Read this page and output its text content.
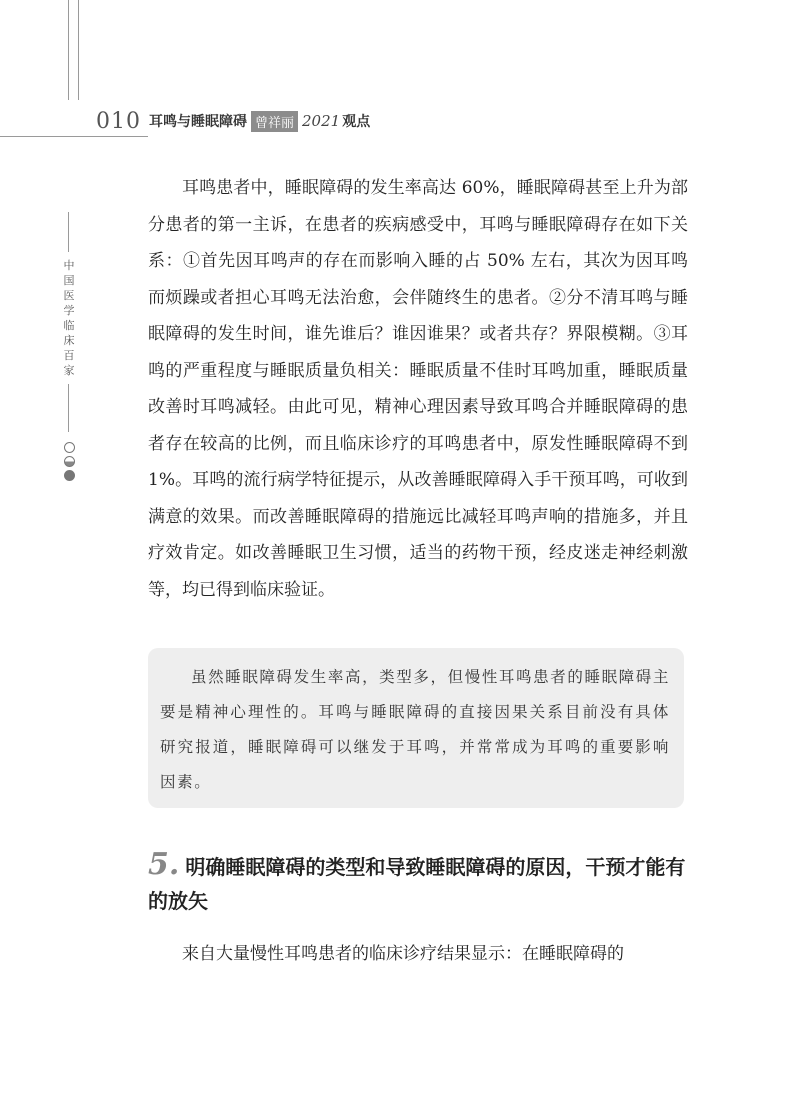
010 耳鸣与睡眠障碍 曾祥丽 2021 观点
中国医学临床百家

耳鸣患者中，睡眠障碍的发生率高达 60%，睡眠障碍甚至上升为部分患者的第一主诉，在患者的疾病感受中，耳鸣与睡眠障碍存在如下关系：①首先因耳鸣声的存在而影响入睡的占 50% 左右，其次为因耳鸣而烦躁或者担心耳鸣无法治愈，会伴随终生的患者。②分不清耳鸣与睡眠障碍的发生时间，谁先谁后？谁因谁果？或者共存？界限模糊。③耳鸣的严重程度与睡眠质量负相关：睡眠质量不佳时耳鸣加重，睡眠质量改善时耳鸣减轻。由此可见，精神心理因素导致耳鸣合并睡眠障碍的患者存在较高的比例，而且临床诊疗的耳鸣患者中，原发性睡眠障碍不到 1%。耳鸣的流行病学特征提示，从改善睡眠障碍入手干预耳鸣，可收到满意的效果。而改善睡眠障碍的措施远比减轻耳鸣声响的措施多，并且疗效肯定。如改善睡眠卫生习惯，适当的药物干预，经皮迷走神经刺激等，均已得到临床验证。

虽然睡眠障碍发生率高，类型多，但慢性耳鸣患者的睡眠障碍主要是精神心理性的。耳鸣与睡眠障碍的直接因果关系目前没有具体研究报道，睡眠障碍可以继发于耳鸣，并常常成为耳鸣的重要影响因素。

5. 明确睡眠障碍的类型和导致睡眠障碍的原因，干预才能有的放矢

来自大量慢性耳鸣患者的临床诊疗结果显示：在睡眠障碍的
